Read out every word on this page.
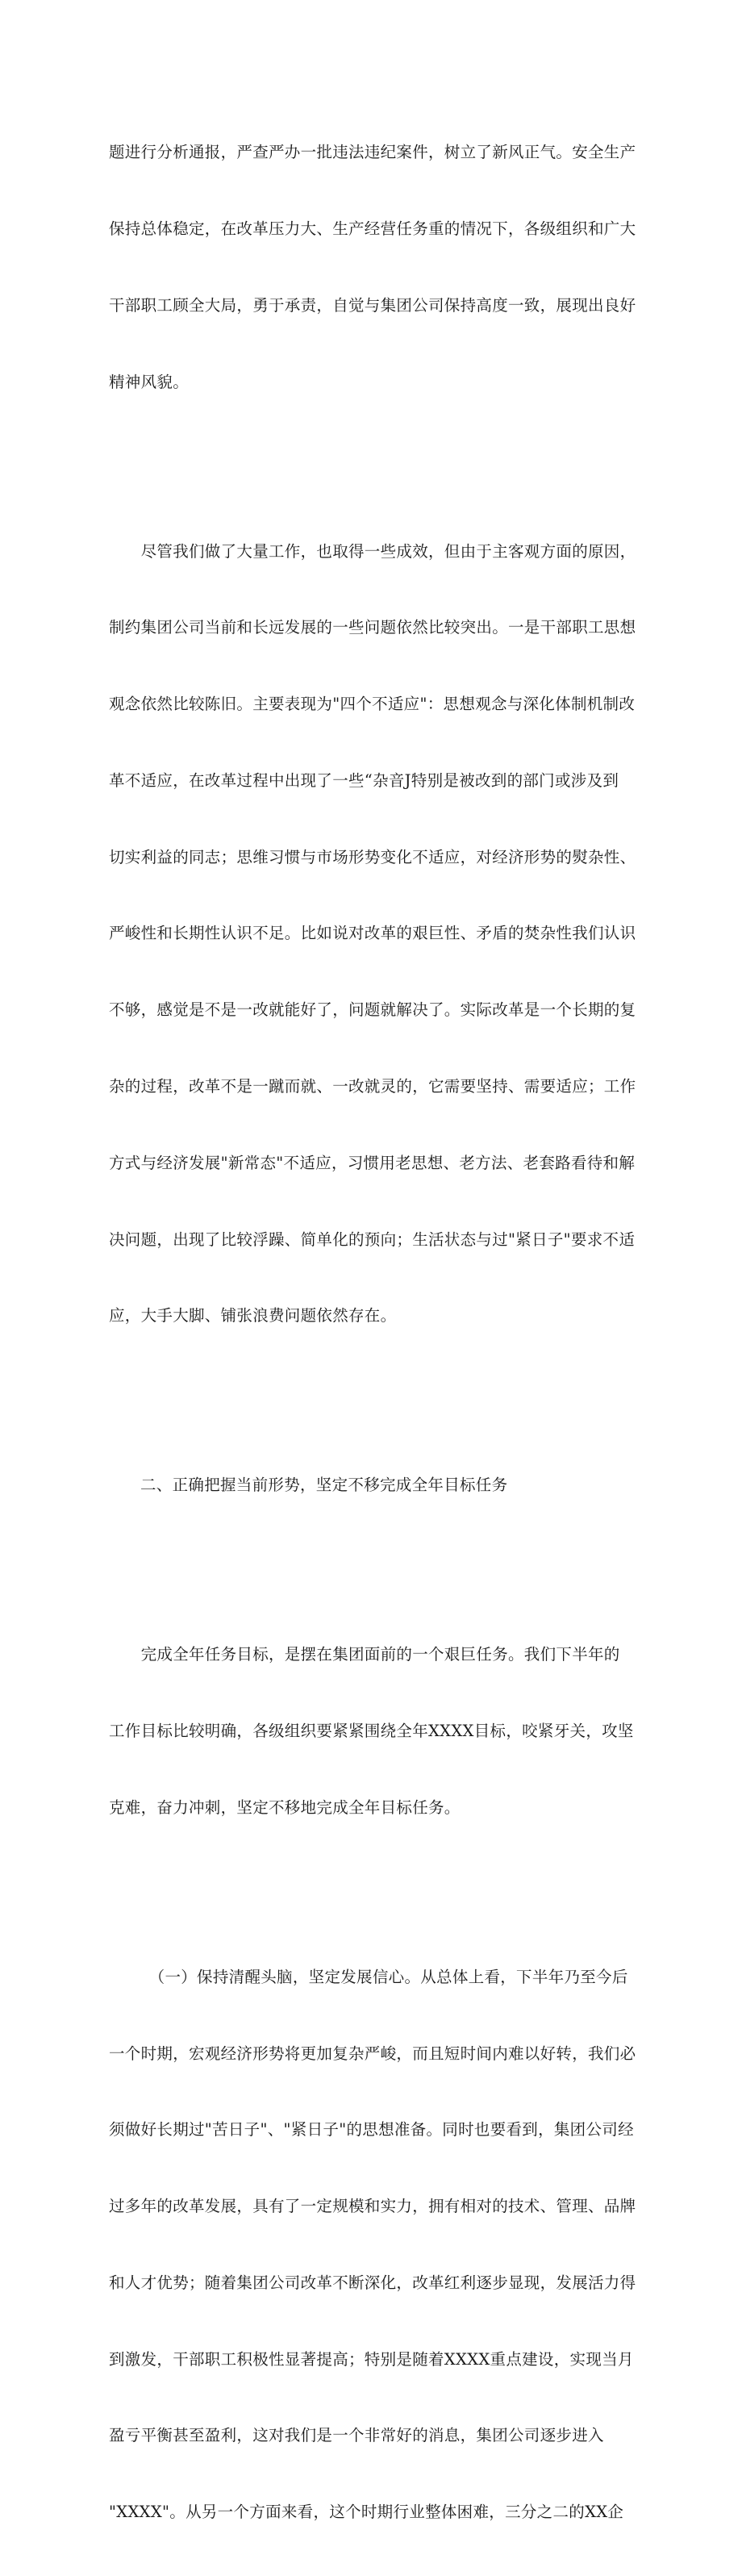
题进行分析通报，严查严办一批违法违纪案件，树立了新风正气。安全生产

保持总体稳定，在改革压力大、生产经营任务重的情况下，各级组织和广大

干部职工顾全大局，勇于承责，自觉与集团公司保持高度一致，展现出良好

精神风貌。

　　尽管我们做了大量工作，也取得一些成效，但由于主客观方面的原因，

制约集团公司当前和长远发展的一些问题依然比较突出。一是干部职工思想

观念依然比较陈旧。主要表现为"四个不适应"：思想观念与深化体制机制改

革不适应，在改革过程中出现了一些“杂音J特别是被改到的部门或涉及到

切实利益的同志；思维习惯与市场形势变化不适应，对经济形势的熨杂性、

严峻性和长期性认识不足。比如说对改革的艰巨性、矛盾的焚杂性我们认识

不够，感觉是不是一改就能好了，问题就解决了。实际改革是一个长期的复

杂的过程，改革不是一蹴而就、一改就灵的，它需要坚持、需要适应；工作

方式与经济发展"新常态"不适应，习惯用老思想、老方法、老套路看待和解

决问题，出现了比较浮躁、简单化的预向；生活状态与过"紧日子"要求不适

应，大手大脚、铺张浪费问题依然存在。

二、正确把握当前形势，坚定不移完成全年目标任务

　　完成全年任务目标，是摆在集团面前的一个艰巨任务。我们下半年的

工作目标比较明确，各级组织要紧紧围绕全年XXXX目标，咬紧牙关，攻坚

克难，奋力冲刺，坚定不移地完成全年目标任务。

　　　（一）保持清醒头脑，坚定发展信心。从总体上看，下半年乃至今后

一个时期，宏观经济形势将更加复杂严峻，而且短时间内难以好转，我们必

须做好长期过"苦日子"、"紧日子"的思想准备。同时也要看到，集团公司经

过多年的改革发展，具有了一定规模和实力，拥有相对的技术、管理、品牌

和人才优势；随着集团公司改革不断深化，改革红利逐步显现，发展活力得

到激发，干部职工积极性显著提高；特别是随着XXXX重点建设，实现当月

盈亏平衡甚至盈利，这对我们是一个非常好的消息，集团公司逐步进入

"XXXX"。从另一个方面来看，这个时期行业整体困难，三分之二的XX企
